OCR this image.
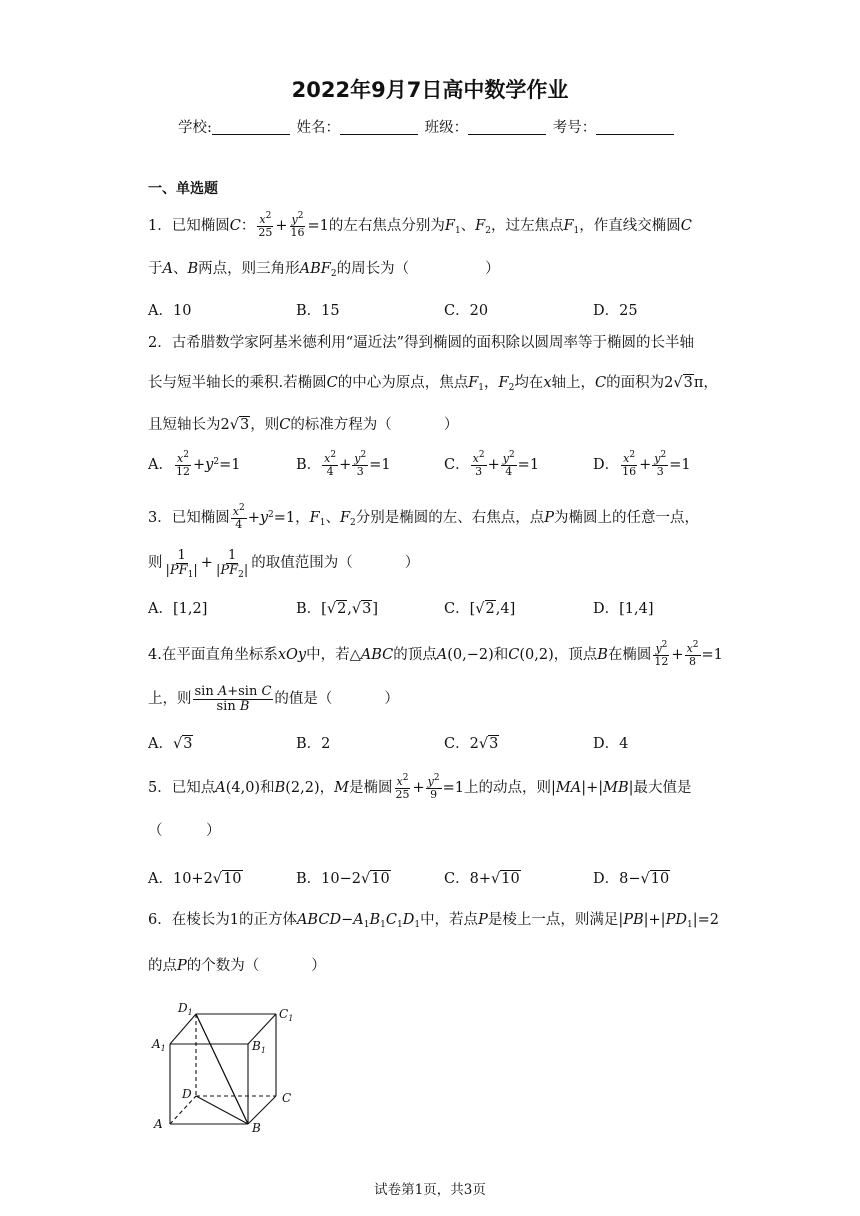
2022年9月7日高中数学作业
学校:	姓名：	班级：	考号：
一、单选题
1．已知椭圆C： $\frac{x^2}{25} + \frac{y^2}{16} =1$的左右焦点分别为$F_1$、$F_2$，过左焦点$F_1$，作直线交椭圆C
于A、B两点，则三角形$ABF_2$的周长为（	）
A．10	B．15	C．20	D．25
2．古希腊数学家阿基米德利用“逼近法”得到椭圆的面积除以圆周率等于椭圆的长半轴
长与短半轴长的乘积.若椭圆C的中心为原点，焦点$F_1$，$F_2$均在x轴上，C的面积为2√3π，
且短轴长为2√3，则C的标准方程为（	）
A． $\frac{x^2}{12} +y^2=1$	B． $\frac{x^2}{4} + \frac{y^2}{3} =1$	C． $\frac{x^2}{3} + \frac{y^2}{4} =1$	D． $\frac{x^2}{16} + \frac{y^2}{3} =1$
3．已知椭圆 $\frac{x^2}{4} +y^2=1$，$F_1$、$F_2$分别是椭圆的左、右焦点，点P为椭圆上的任意一点，
则 $\frac{1}{|PF_1|} + \frac{1}{|PF_2|}$ 的取值范围为（	）
A．[1,2]	B．[√2,√3]	C．[√2,4]	D．[1,4]
4.在平面直角坐标系xOy中，若△ABC的顶点A(0,−2)和C(0,2)，顶点B在椭圆 $\frac{y^2}{12} + \frac{x^2}{8} =1$
上，则 $\frac{\text{sin A+sin C}}{\text{sin B}}$ 的值是（	）
A．√3	B．2	C．2√3	D．4
5．已知点A(4,0)和B(2,2)，M是椭圆 $\frac{x^2}{25} + \frac{y^2}{9} =1$上的动点，则|MA|+|MB|最大值是
（　　　）
A．10+2√10	B．10−2√10	C．8+√10	D．8−√10
6．在棱长为1的正方体$ABCD-A_1B_1C_1D_1$中，若点P是棱上一点，则满足$|PB|+|PD_1|=2$
的点P的个数为（	）
$D_1$	$C_1$
$A_1$	$B_1$
D	C
A	B
试卷第1页，共3页
